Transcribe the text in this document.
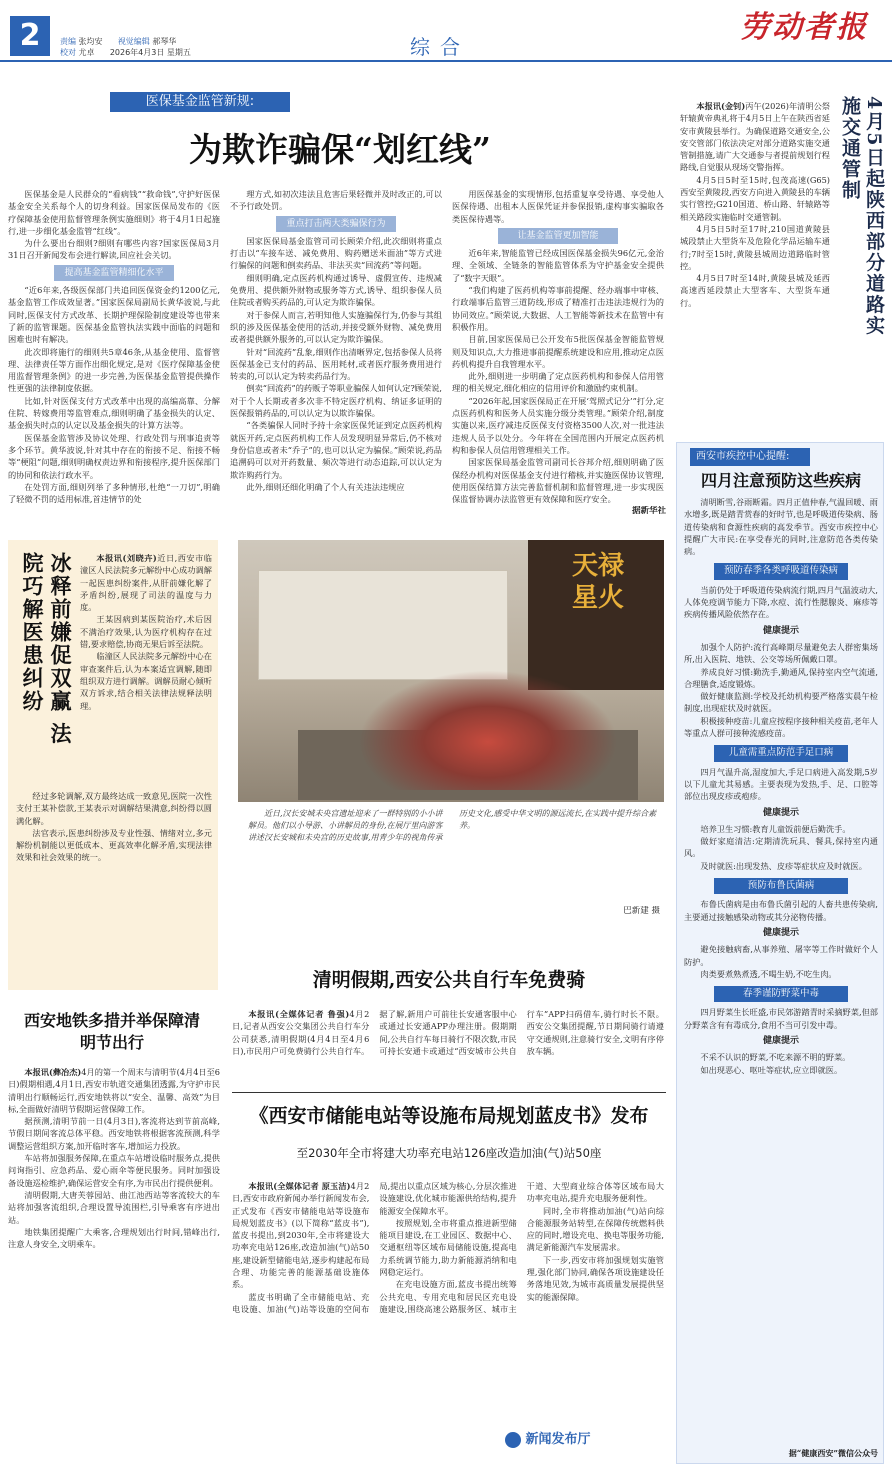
2	责编 张均安 视觉编辑 郝琴华
校对 尤卓 2026年4月3日 星期五	综合
劳动者报
医保基金监管新规:
为欺诈骗保“划红线”

医保基金是人民群众的“看病钱”“救命钱”,守护好医保基金安全关系每个人的切身利益。国家医保局发布的《医疗保障基金使用监督管理条例实施细则》将于4月1日起施行,进一步细化基金监管“红线”。

为什么要出台细则?细则有哪些内容?国家医保局3月31日召开新闻发布会进行解读,回应社会关切。

提高基金监管精细化水平

“近6年来,各级医保部门共追回医保资金约1200亿元,基金监管工作成效显著。”国家医保局副局长黄华波说,与此同时,医保支付方式改革、长期护理保险制度建设等也带来了新的监管课题。医保基金监管执法实践中面临的问题和困难也时有解决。

此次即将施行的细则共5章46条,从基金使用、监督管理、法律责任等方面作出细化规定,是对《医疗保障基金使用监督管理条例》的进一步完善,为医保基金监管提供操作性更强的法律制度依据。

比如,针对医保支付方式改革中出现的高编高靠、分解住院、转嫁费用等监管难点,细则明确了基金损失的认定、基金损失时点的认定以及基金损失的计算方法等。

医保基金监管涉及协议处理、行政处罚与刑事追责等多个环节。黄华波说,针对其中存在的衔接不足、衔接不畅等“梗阻”问题,细则明确权责边界和衔接程序,提升医保部门的协同和依法行政水平。

在处罚方面,细则列举了多种情形,杜绝“一刀切”,明确了轻微不罚的适用标准,首违情节的处

理方式,如初次违法且危害后果轻微并及时改正的,可以不予行政处罚。

重点打击两大类骗保行为

国家医保局基金监管司司长顾荣介绍,此次细则将重点打击以“车接车送、减免费用、购药赠送米面油”等方式进行骗保的问题和倒卖药品、非法买卖“回流药”等问题。

细则明确,定点医药机构通过诱导、虚假宣传、违规减免费用、提供额外财物或服务等方式,诱导、组织参保人员住院或者购买药品的,可认定为欺诈骗保。

对于参保人而言,若明知他人实施骗保行为,仍参与其组织的涉及医保基金使用的活动,并接受额外财物、减免费用或者提供额外服务的,可以认定为欺诈骗保。

针对“回流药”乱象,细则作出清晰界定,包括参保人员将医保基金已支付的药品、医用耗材,或者医疗服务费用进行转卖的,可以认定为转卖药品行为。

倒卖“回流药”的药贩子等职业骗保人如何认定?顾荣说,对于个人长期或者多次非不特定医疗机构、纳证多证明的医保报销药品的,可以认定为以欺诈骗保。

“各类骗保人同时予持十余家医保凭证到定点医药机构就医开药,定点医药机构工作人员发现明显异常后,仍不核对身份信息或者未“乔子”的,也可以认定为骗保。”顾荣说,药品追溯码可以对开药数量、频次等进行动态追踪,可以认定为欺诈购药行为。

此外,细则还细化明确了个人有关违法违规应

用医保基金的实现情形,包括重复享受待遇、享受他人医保待遇、出租本人医保凭证并参保报销,虚构事实骗取各类医保待遇等。

让基金监管更加智能

近6年来,智能监管已经成国医保基金损失96亿元,金治理、全领域、全链条的智能监管体系为守护基金安全提供了“数字天眼”。

“我们构建了医药机构等事前提醒、经办端事中审核、行政端事后监管三道防线,形成了精准打击违法违规行为的协同效应。”顾荣说,大数据、人工智能等新技术在监管中有积极作用。

目前,国家医保局已公开发布5批医保基金智能监管规则及知识点,大力推进事前提醒系统建设和应用,推动定点医药机构提升自我管理水平。

此外,细则进一步明确了定点医药机构和参保人信用管理的相关规定,细化相应的信用评价和激励约束机制。

“2026年起,国家医保局正在开展‘驾照式记分’”打分,定点医药机构和医务人员实施分级分类管理。”顾荣介绍,制度实施以来,医疗减违反医保支付资格3500人次,对一批违法违规人员予以处分。今年将在全国范围内开展定点医药机构和参保人员信用管理相关工作。

国家医保局基金监管司副司长谷邦介绍,细则明确了医保经办机构对医保基金支付进行稽核,并实施医保协议管理,使用医保结算方法完善监督机制和监督管理,进一步实现医保监督协调办法监管更有效保障和医疗安全。

据新华社
4月5日起陕西部分道路实施交通管制

本报讯(金钊)丙午(2026)年清明公祭轩辕黄帝典礼将于4月5日上午在陕西省延安市黄陵县举行。为确保道路交通安全,公安交管部门依法决定对部分道路实施交通管制措施,请广大交通参与者提前规划行程路线,自觉服从现场交警指挥。

4月5日5时至15时,包茂高速(G65)西安至黄陵段,西安方向进入黄陵县的车辆实行管控;G210国道、桥山路、轩辕路等相关路段实施临时交通管制。

4月5日5时至17时,210国道黄陵县城段禁止大型货车及危险化学品运输车通行;7时至15时,黄陵县城周边道路临时管控。

4月5日7时至14时,黄陵县城及延西高速西延段禁止大型客车、大型货车通行。

冰释前嫌促双赢 法院巧解医患纠纷	本报讯(刘晓卉)近日,西安市临潼区人民法院多元解纷中心成功调解一起医患纠纷案件,从肝前嫌化解了矛盾纠纷,展现了司法的温度与力度。

王某因病到某医院治疗,术后因不满治疗效果,认为医疗机构存在过错,要求赔偿,协商无果后诉至法院。

临潼区人民法院多元解纷中心在审查案件后,认为本案适宜调解,随即组织双方进行调解。调解员耐心倾听双方诉求,结合相关法律法规释法明理。

经过多轮调解,双方最终达成一致意见,医院一次性支付王某补偿款,王某表示对调解结果满意,纠纷得以圆满化解。

法官表示,医患纠纷涉及专业性强、情绪对立,多元解纷机制能以更低成本、更高效率化解矛盾,实现法律效果和社会效果的统一。

天禄
星火
近日,汉长安城未央宫遗址迎来了一群特别的小小讲解员。他们以小导游、小讲解员的身份,在展厅里向游客讲述汉长安城和未央宫的历史故事,用青少年的视角传承历史文化,感受中华文明的源远流长,在实践中提升综合素养。
巴新建 摄
西安地铁多措并举保障清明节出行

本报讯(彝冶杰)4月的第一个周末与清明节(4月4日至6日)假期相遇,4月1日,西安市轨道交通集团透露,为守护市民清明出行顺畅运行,西安地铁将以“安全、温馨、高效”为目标,全面做好清明节假期运营保障工作。

据预测,清明节前一日(4月3日),客流将达到节前高峰,节假日期间客流总体平稳。西安地铁将根据客流预测,科学调整运营组织方案,加开临时客车,增加运力投放。

车站将加强服务保障,在重点车站增设临时服务点,提供问询指引、应急药品、爱心雨伞等便民服务。同时加强设备设施巡检维护,确保运营安全有序,为市民出行提供便利。

清明假期,大唐芙蓉园站、曲江池西站等客流较大的车站将加强客流组织,合理设置导流围栏,引导乘客有序进出站。

地铁集团提醒广大乘客,合理规划出行时间,错峰出行,注意人身安全,文明乘车。

清明假期,西安公共自行车免费骑

本报讯(全媒体记者 鲁强)4月2日,记者从西安公交集团公共自行车分公司获悉,清明假期(4月4日至4月6日),市民用户可免费骑行公共自行车。据了解,新用户可前往长安通客服中心或通过长安通APP办理注册。假期期间,公共自行车每日骑行不限次数,市民可持长安通卡或通过“西安城市公共自行车”APP扫码借车,骑行时长不限。西安公交集团提醒,节日期间骑行请遵守交通规则,注意骑行安全,文明有序停放车辆。

《西安市储能电站等设施布局规划蓝皮书》发布
至2030年全市将建大功率充电站126座改造加油(气)站50座

本报讯(全媒体记者 原玉洁)4月2日,西安市政府新闻办举行新闻发布会,正式发布《西安市储能电站等设施布局规划蓝皮书》(以下简称“蓝皮书”),蓝皮书提出,到2030年,全市将建设大功率充电站126座,改造加油(气)站50座,建设新型储能电站,逐步构建起布局合理、功能完善的能源基础设施体系。

蓝皮书明确了全市储能电站、充电设施、加油(气)站等设施的空间布局,提出以重点区域为核心,分层次推进设施建设,优化城市能源供给结构,提升能源安全保障水平。

按照规划,全市将重点推进新型储能项目建设,在工业园区、数据中心、交通枢纽等区域布局储能设施,提高电力系统调节能力,助力新能源消纳和电网稳定运行。

在充电设施方面,蓝皮书提出统筹公共充电、专用充电和居民区充电设施建设,围绕高速公路服务区、城市主干道、大型商业综合体等区域布局大功率充电站,提升充电服务便利性。

同时,全市将推动加油(气)站向综合能源服务站转型,在保障传统燃料供应的同时,增设充电、换电等服务功能,满足新能源汽车发展需求。

下一步,西安市将加强规划实施管理,强化部门协同,确保各项设施建设任务落地见效,为城市高质量发展提供坚实的能源保障。

新闻发布厅
西安市疾控中心提醒:
四月注意预防这些疾病

清明断雪,谷雨断霜。四月正值仲春,气温回暖、雨水增多,既是踏青赏春的好时节,也是呼吸道传染病、肠道传染病和食源性疾病的高发季节。西安市疾控中心提醒广大市民:在享受春光的同时,注意防范各类传染病。

预防春季各类呼吸道传染病

当前仍处于呼吸道传染病流行期,四月气温波动大,人体免疫调节能力下降,水痘、流行性腮腺炎、麻疹等疾病传播风险依然存在。

健康提示

加强个人防护:流行高峰期尽量避免去人群密集场所,出入医院、地铁、公交等场所佩戴口罩。

养成良好习惯:勤洗手,勤通风,保持室内空气流通,合理膳食,适度锻炼。

做好健康监测:学校及托幼机构要严格落实晨午检制度,出现症状及时就医。

积极接种疫苗:儿童应按程序接种相关疫苗,老年人等重点人群可接种流感疫苗。

儿童需重点防范手足口病

四月气温升高,湿度加大,手足口病进入高发期,5岁以下儿童尤其易感。主要表现为发热,手、足、口腔等部位出现皮疹或疱疹。

健康提示

培养卫生习惯:教育儿童饭前便后勤洗手。

做好家庭清洁:定期清洗玩具、餐具,保持室内通风。

及时就医:出现发热、皮疹等症状应及时就医。

预防布鲁氏菌病

布鲁氏菌病是由布鲁氏菌引起的人畜共患传染病,主要通过接触感染动物或其分泌物传播。

健康提示

避免接触病畜,从事养殖、屠宰等工作时做好个人防护。

肉类要煮熟煮透,不喝生奶,不吃生肉。

春季谨防野菜中毒

四月野菜生长旺盛,市民郊游踏青时采摘野菜,但部分野菜含有有毒成分,食用不当可引发中毒。

健康提示

不采不认识的野菜,不吃来源不明的野菜。

如出现恶心、呕吐等症状,应立即就医。

据“健康西安”微信公众号
